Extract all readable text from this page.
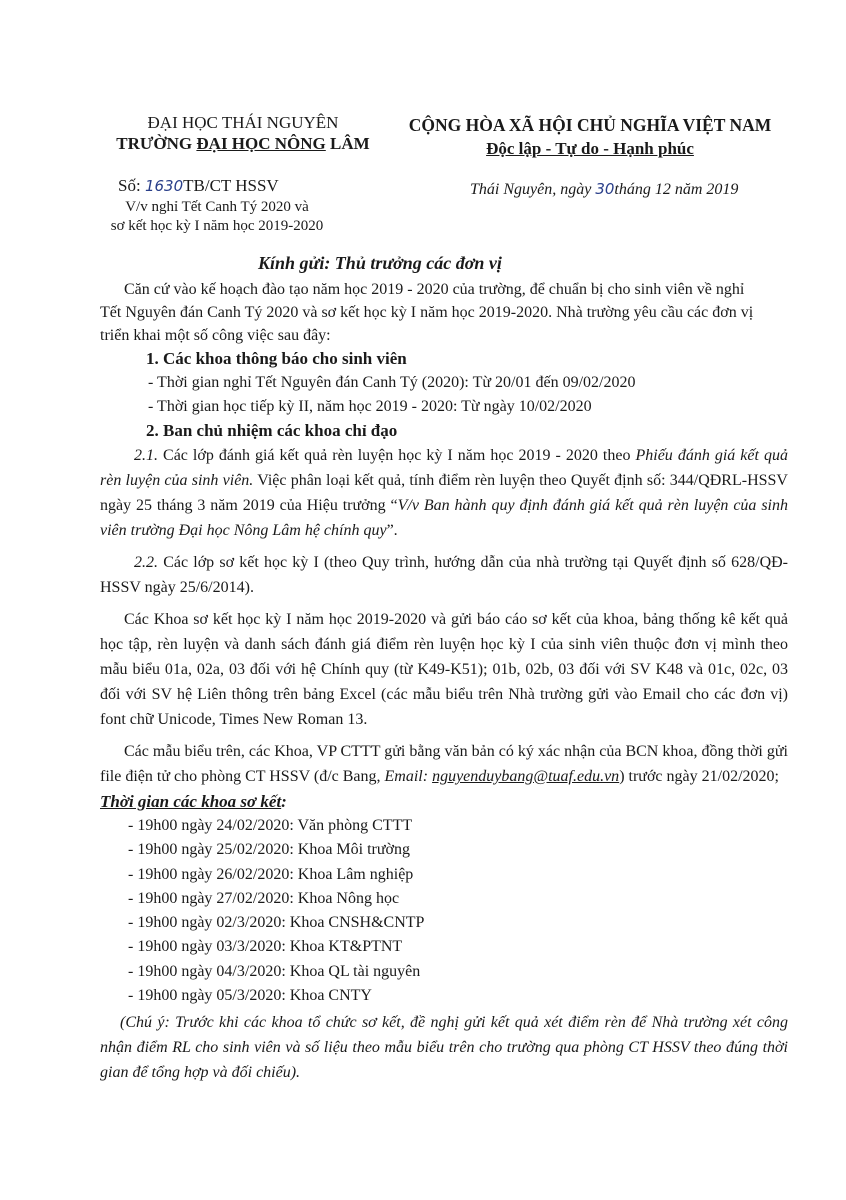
ĐẠI HỌC THÁI NGUYÊN
TRƯỜNG ĐẠI HỌC NÔNG LÂM
CỘNG HÒA XÃ HỘI CHỦ NGHĨA VIỆT NAM
Độc lập - Tự do - Hạnh phúc
Số: 1630TB/CT HSSV
V/v nghỉ Tết Canh Tý 2020 và
sơ kết học kỳ I năm học 2019-2020
Thái Nguyên, ngày 30tháng 12 năm 2019
Kính gửi: Thủ trưởng các đơn vị

Căn cứ vào kế hoạch đào tạo năm học 2019 - 2020 của trường, để chuẩn bị cho sinh viên về nghỉ

Tết Nguyên đán Canh Tý 2020 và sơ kết học kỳ I năm học 2019-2020. Nhà trường yêu cầu các đơn vị

triển khai một số công việc sau đây:

1. Các khoa thông báo cho sinh viên

- Thời gian nghỉ Tết Nguyên đán Canh Tý (2020): Từ 20/01 đến 09/02/2020

- Thời gian học tiếp kỳ II, năm học 2019 - 2020: Từ ngày 10/02/2020

2. Ban chủ nhiệm các khoa chỉ đạo

2.1. Các lớp đánh giá kết quả rèn luyện học kỳ I năm học 2019 - 2020 theo Phiếu đánh giá kết quả rèn luyện của sinh viên. Việc phân loại kết quả, tính điểm rèn luyện theo Quyết định số: 344/QĐRL-HSSV ngày 25 tháng 3 năm 2019 của Hiệu trưởng “V/v Ban hành quy định đánh giá kết quả rèn luyện của sinh viên trường Đại học Nông Lâm hệ chính quy”.

2.2. Các lớp sơ kết học kỳ I (theo Quy trình, hướng dẫn của nhà trường tại Quyết định số 628/QĐ-HSSV ngày 25/6/2014).

Các Khoa sơ kết học kỳ I năm học 2019-2020 và gửi báo cáo sơ kết của khoa, bảng thống kê kết quả học tập, rèn luyện và danh sách đánh giá điểm rèn luyện học kỳ I của sinh viên thuộc đơn vị mình theo mẫu biểu 01a, 02a, 03 đối với hệ Chính quy (từ K49-K51); 01b, 02b, 03 đối với SV K48 và 01c, 02c, 03 đối với SV hệ Liên thông trên bảng Excel (các mẫu biểu trên Nhà trường gửi vào Email cho các đơn vị) font chữ Unicode, Times New Roman 13.

Các mẫu biểu trên, các Khoa, VP CTTT gửi bằng văn bản có ký xác nhận của BCN khoa, đồng thời gửi file điện tử cho phòng CT HSSV (đ/c Bang, Email: nguyenduybang@tuaf.edu.vn) trước ngày 21/02/2020;

Thời gian các khoa sơ kết:

- 19h00 ngày 24/02/2020: Văn phòng CTTT

- 19h00 ngày 25/02/2020: Khoa Môi trường

- 19h00 ngày 26/02/2020: Khoa Lâm nghiệp

- 19h00 ngày 27/02/2020: Khoa Nông học

- 19h00 ngày 02/3/2020: Khoa CNSH&CNTP

- 19h00 ngày 03/3/2020: Khoa KT&PTNT

- 19h00 ngày 04/3/2020: Khoa QL tài nguyên

- 19h00 ngày 05/3/2020: Khoa CNTY

(Chú ý: Trước khi các khoa tổ chức sơ kết, đề nghị gửi kết quả xét điểm rèn để Nhà trường xét công nhận điểm RL cho sinh viên và số liệu theo mẫu biểu trên cho trường qua phòng CT HSSV theo đúng thời gian để tổng hợp và đối chiếu).
